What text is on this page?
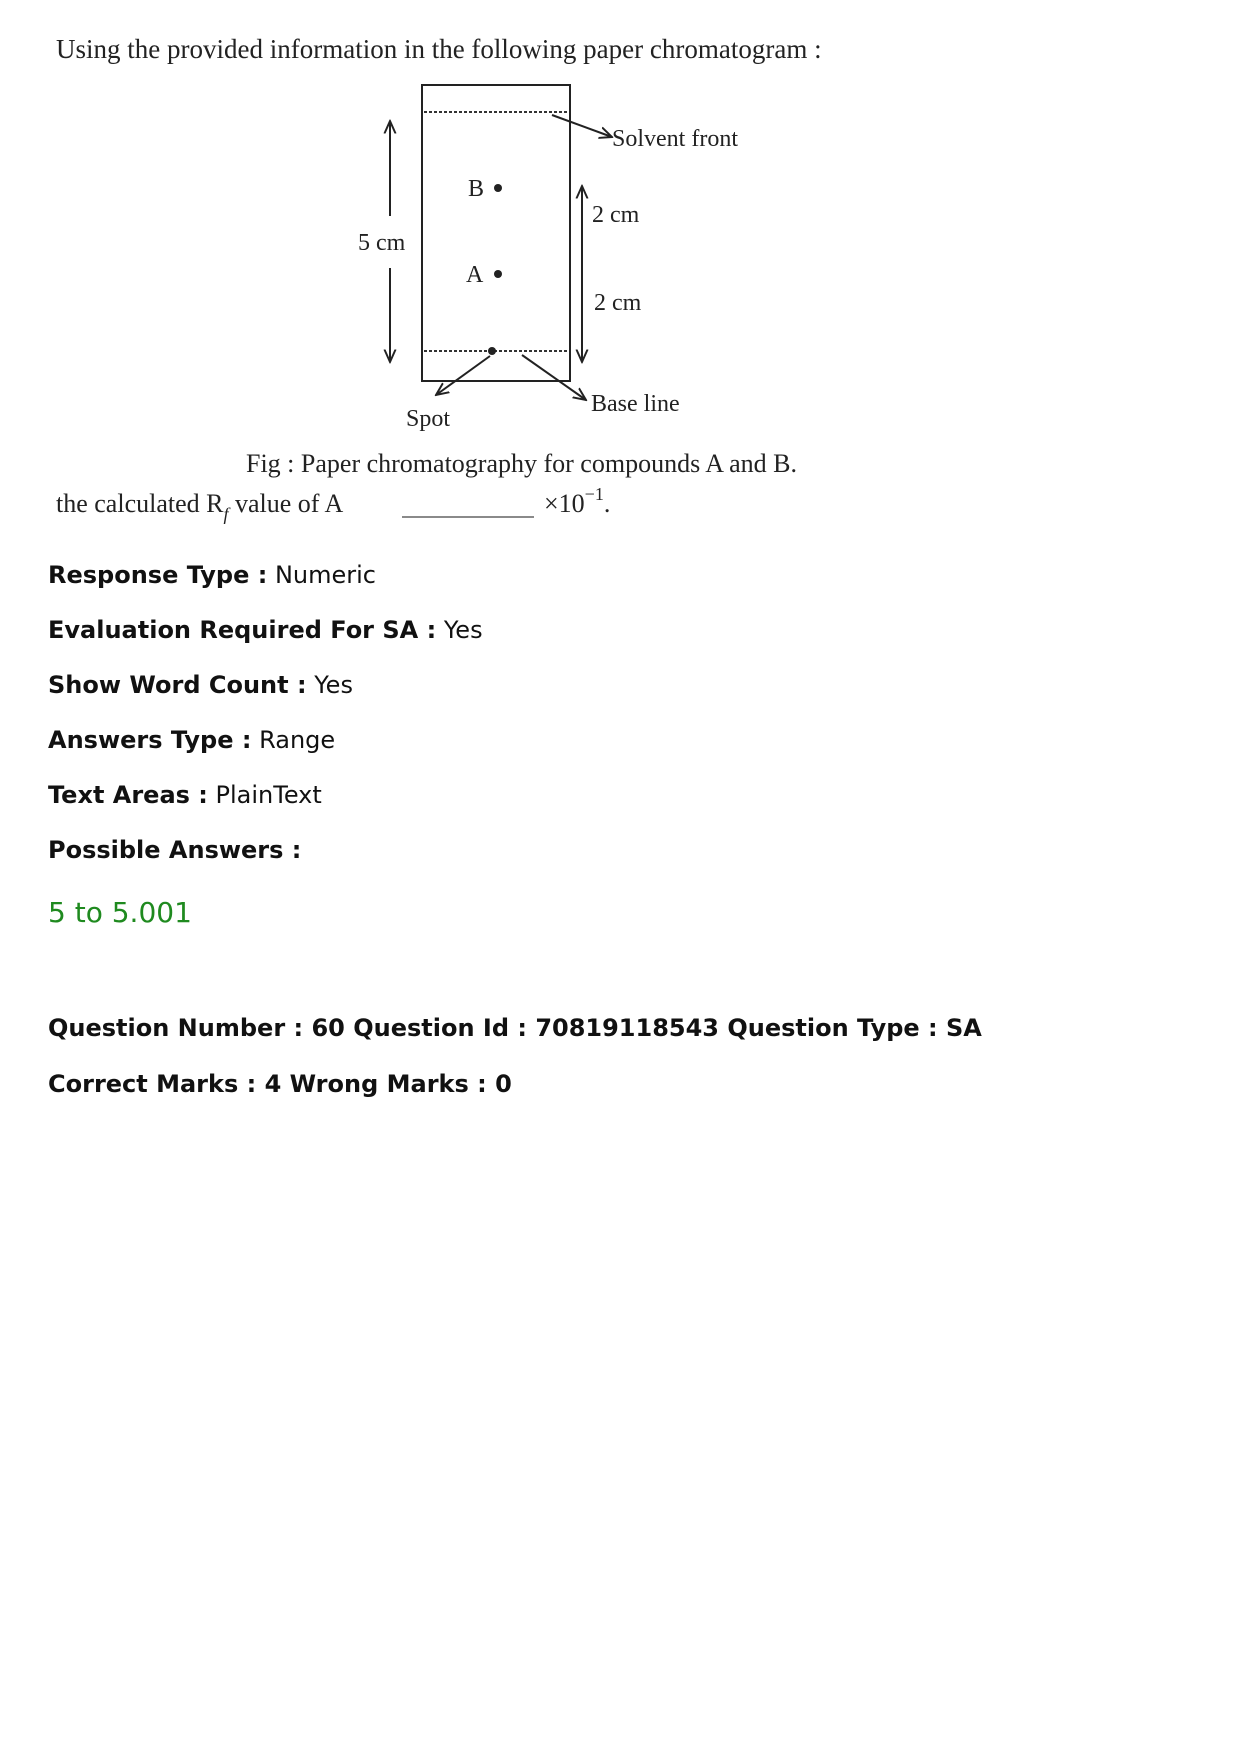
Using the provided information in the following paper chromatogram :
B
A
5 cm
2 cm
2 cm
Solvent front
Base line
Spot
Fig : Paper chromatography for compounds A and B.
the calculated $R_f$ value of A	$\times 10^{-1}$.
Response Type : Numeric
Evaluation Required For SA : Yes
Show Word Count : Yes
Answers Type : Range
Text Areas : PlainText
Possible Answers :
5 to 5.001
Question Number : 60 Question Id : 70819118543 Question Type : SA
Correct Marks : 4 Wrong Marks : 0
